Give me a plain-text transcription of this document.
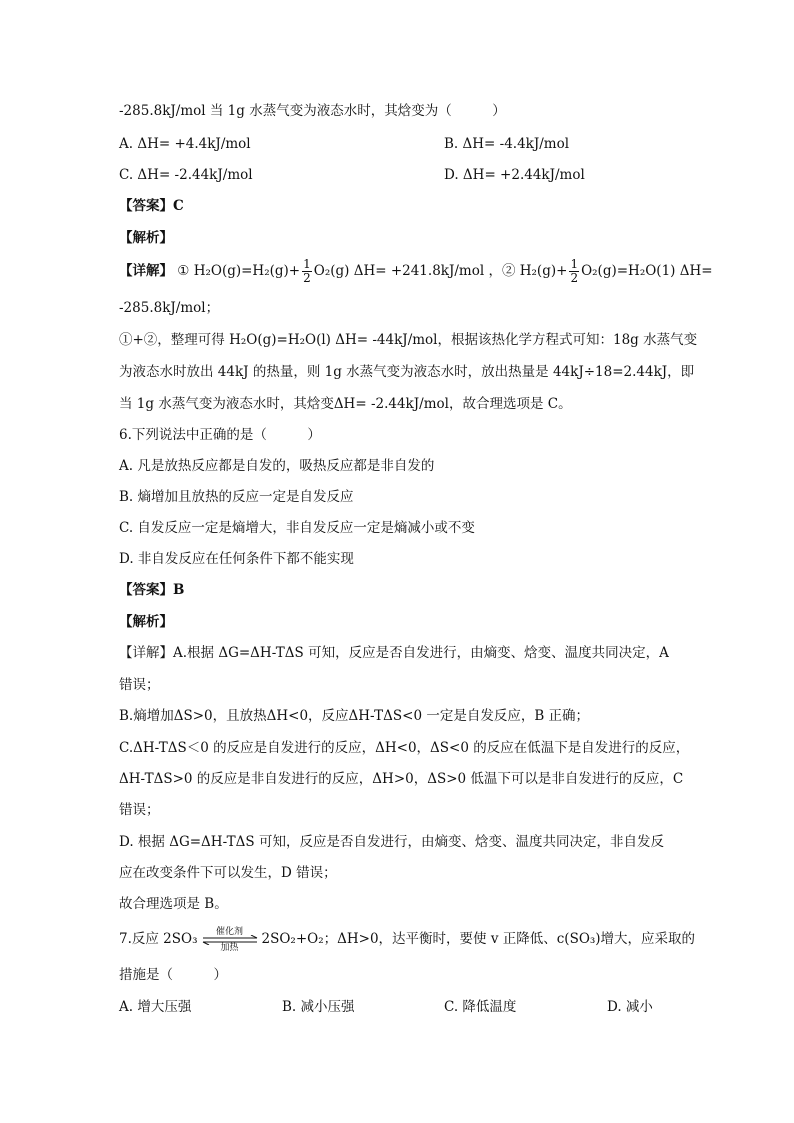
-285.8kJ/mol 当 1g 水蒸气变为液态水时，其焓变为（　　　）
A. ΔH= +4.4kJ/mol	B. ΔH= -4.4kJ/mol
C. ΔH= -2.44kJ/mol	D. ΔH= +2.44kJ/mol
【答案】C
【解析】
【详解】 ① $H_2O(g)=H_2(g)+ \frac{1}{2} O_2(g)$ ΔH= +241.8kJ/mol ，② $H_2(g)+ \frac{1}{2} O_2(g)=H_2O(1)$ ΔH=
-285.8kJ/mol；
①+②，整理可得 H₂O(g)=H₂O(l) ΔH= -44kJ/mol，根据该热化学方程式可知：18g 水蒸气变
为液态水时放出 44kJ 的热量，则 1g 水蒸气变为液态水时，放出热量是 44kJ÷18=2.44kJ，即
当 1g 水蒸气变为液态水时，其焓变ΔH= -2.44kJ/mol，故合理选项是 C。
6.下列说法中正确的是（　　　）
A. 凡是放热反应都是自发的，吸热反应都是非自发的
B. 熵增加且放热的反应一定是自发反应
C. 自发反应一定是熵增大，非自发反应一定是熵减小或不变
D. 非自发反应在任何条件下都不能实现
【答案】B
【解析】
【详解】A.根据 ΔG=ΔH-TΔS 可知，反应是否自发进行，由熵变、焓变、温度共同决定，A
错误；
B.熵增加ΔS>0，且放热ΔH<0，反应ΔH-TΔS<0 一定是自发反应，B 正确；
C.ΔH-TΔS＜0 的反应是自发进行的反应，ΔH<0，ΔS<0 的反应在低温下是自发进行的反应，
ΔH-TΔS>0 的反应是非自发进行的反应，ΔH>0，ΔS>0 低温下可以是非自发进行的反应，C
错误；
D. 根据 ΔG=ΔH-TΔS 可知，反应是否自发进行，由熵变、焓变、温度共同决定，非自发反
应在改变条件下可以发生，D 错误；
故合理选项是 B。
7.反应 2SO₃	催化剂
加热
2SO₂+O₂；ΔH>0，达平衡时，要使 v 正降低、c(SO₃)增大，应采取的
措施是（　　　）
A. 增大压强	B. 减小压强	C. 降低温度	D. 减小
